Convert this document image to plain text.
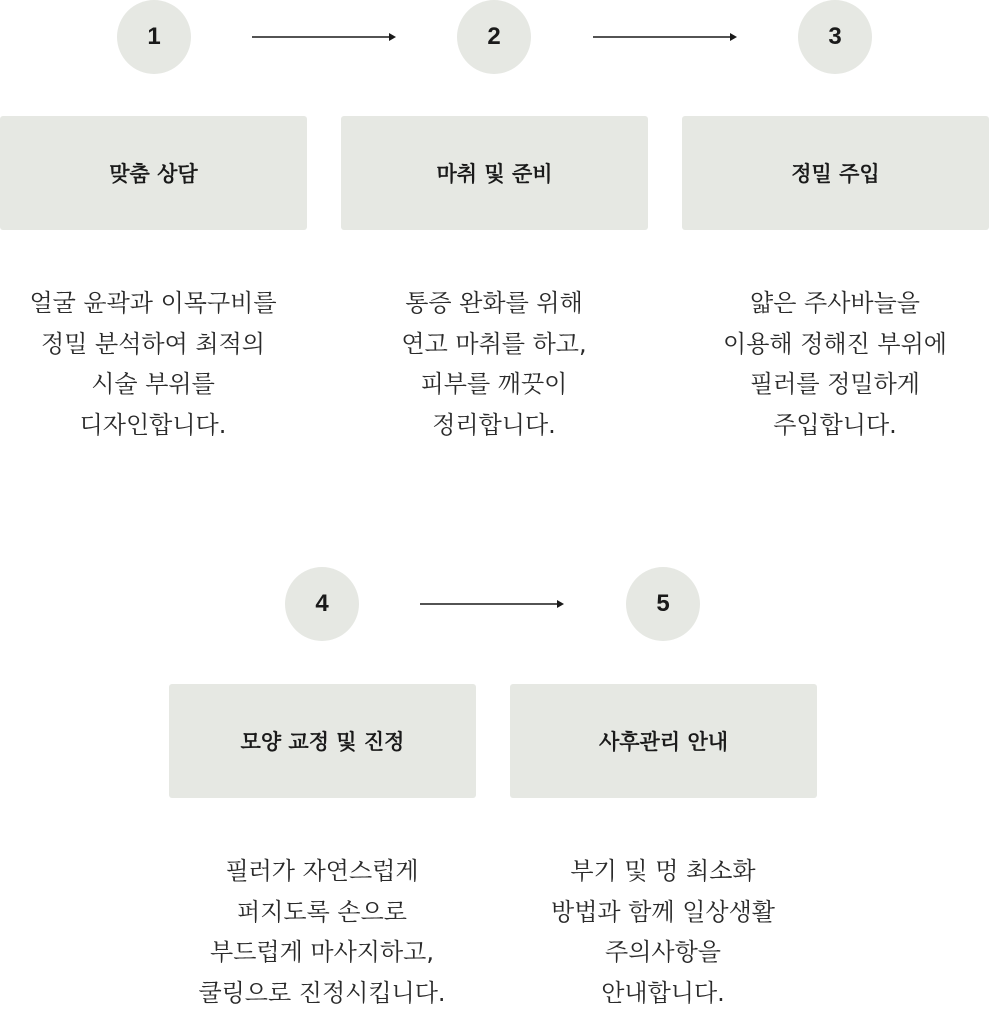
1	2	3
맞춤 상담	마취 및 준비	정밀 주입
얼굴 윤곽과 이목구비를
정밀 분석하여 최적의
시술 부위를
디자인합니다.
통증 완화를 위해
연고 마취를 하고,
피부를 깨끗이
정리합니다.
얇은 주사바늘을
이용해 정해진 부위에
필러를 정밀하게
주입합니다.
4	5
모양 교정 및 진정	사후관리 안내
필러가 자연스럽게
퍼지도록 손으로
부드럽게 마사지하고,
쿨링으로 진정시킵니다.
부기 및 멍 최소화
방법과 함께 일상생활
주의사항을
안내합니다.
